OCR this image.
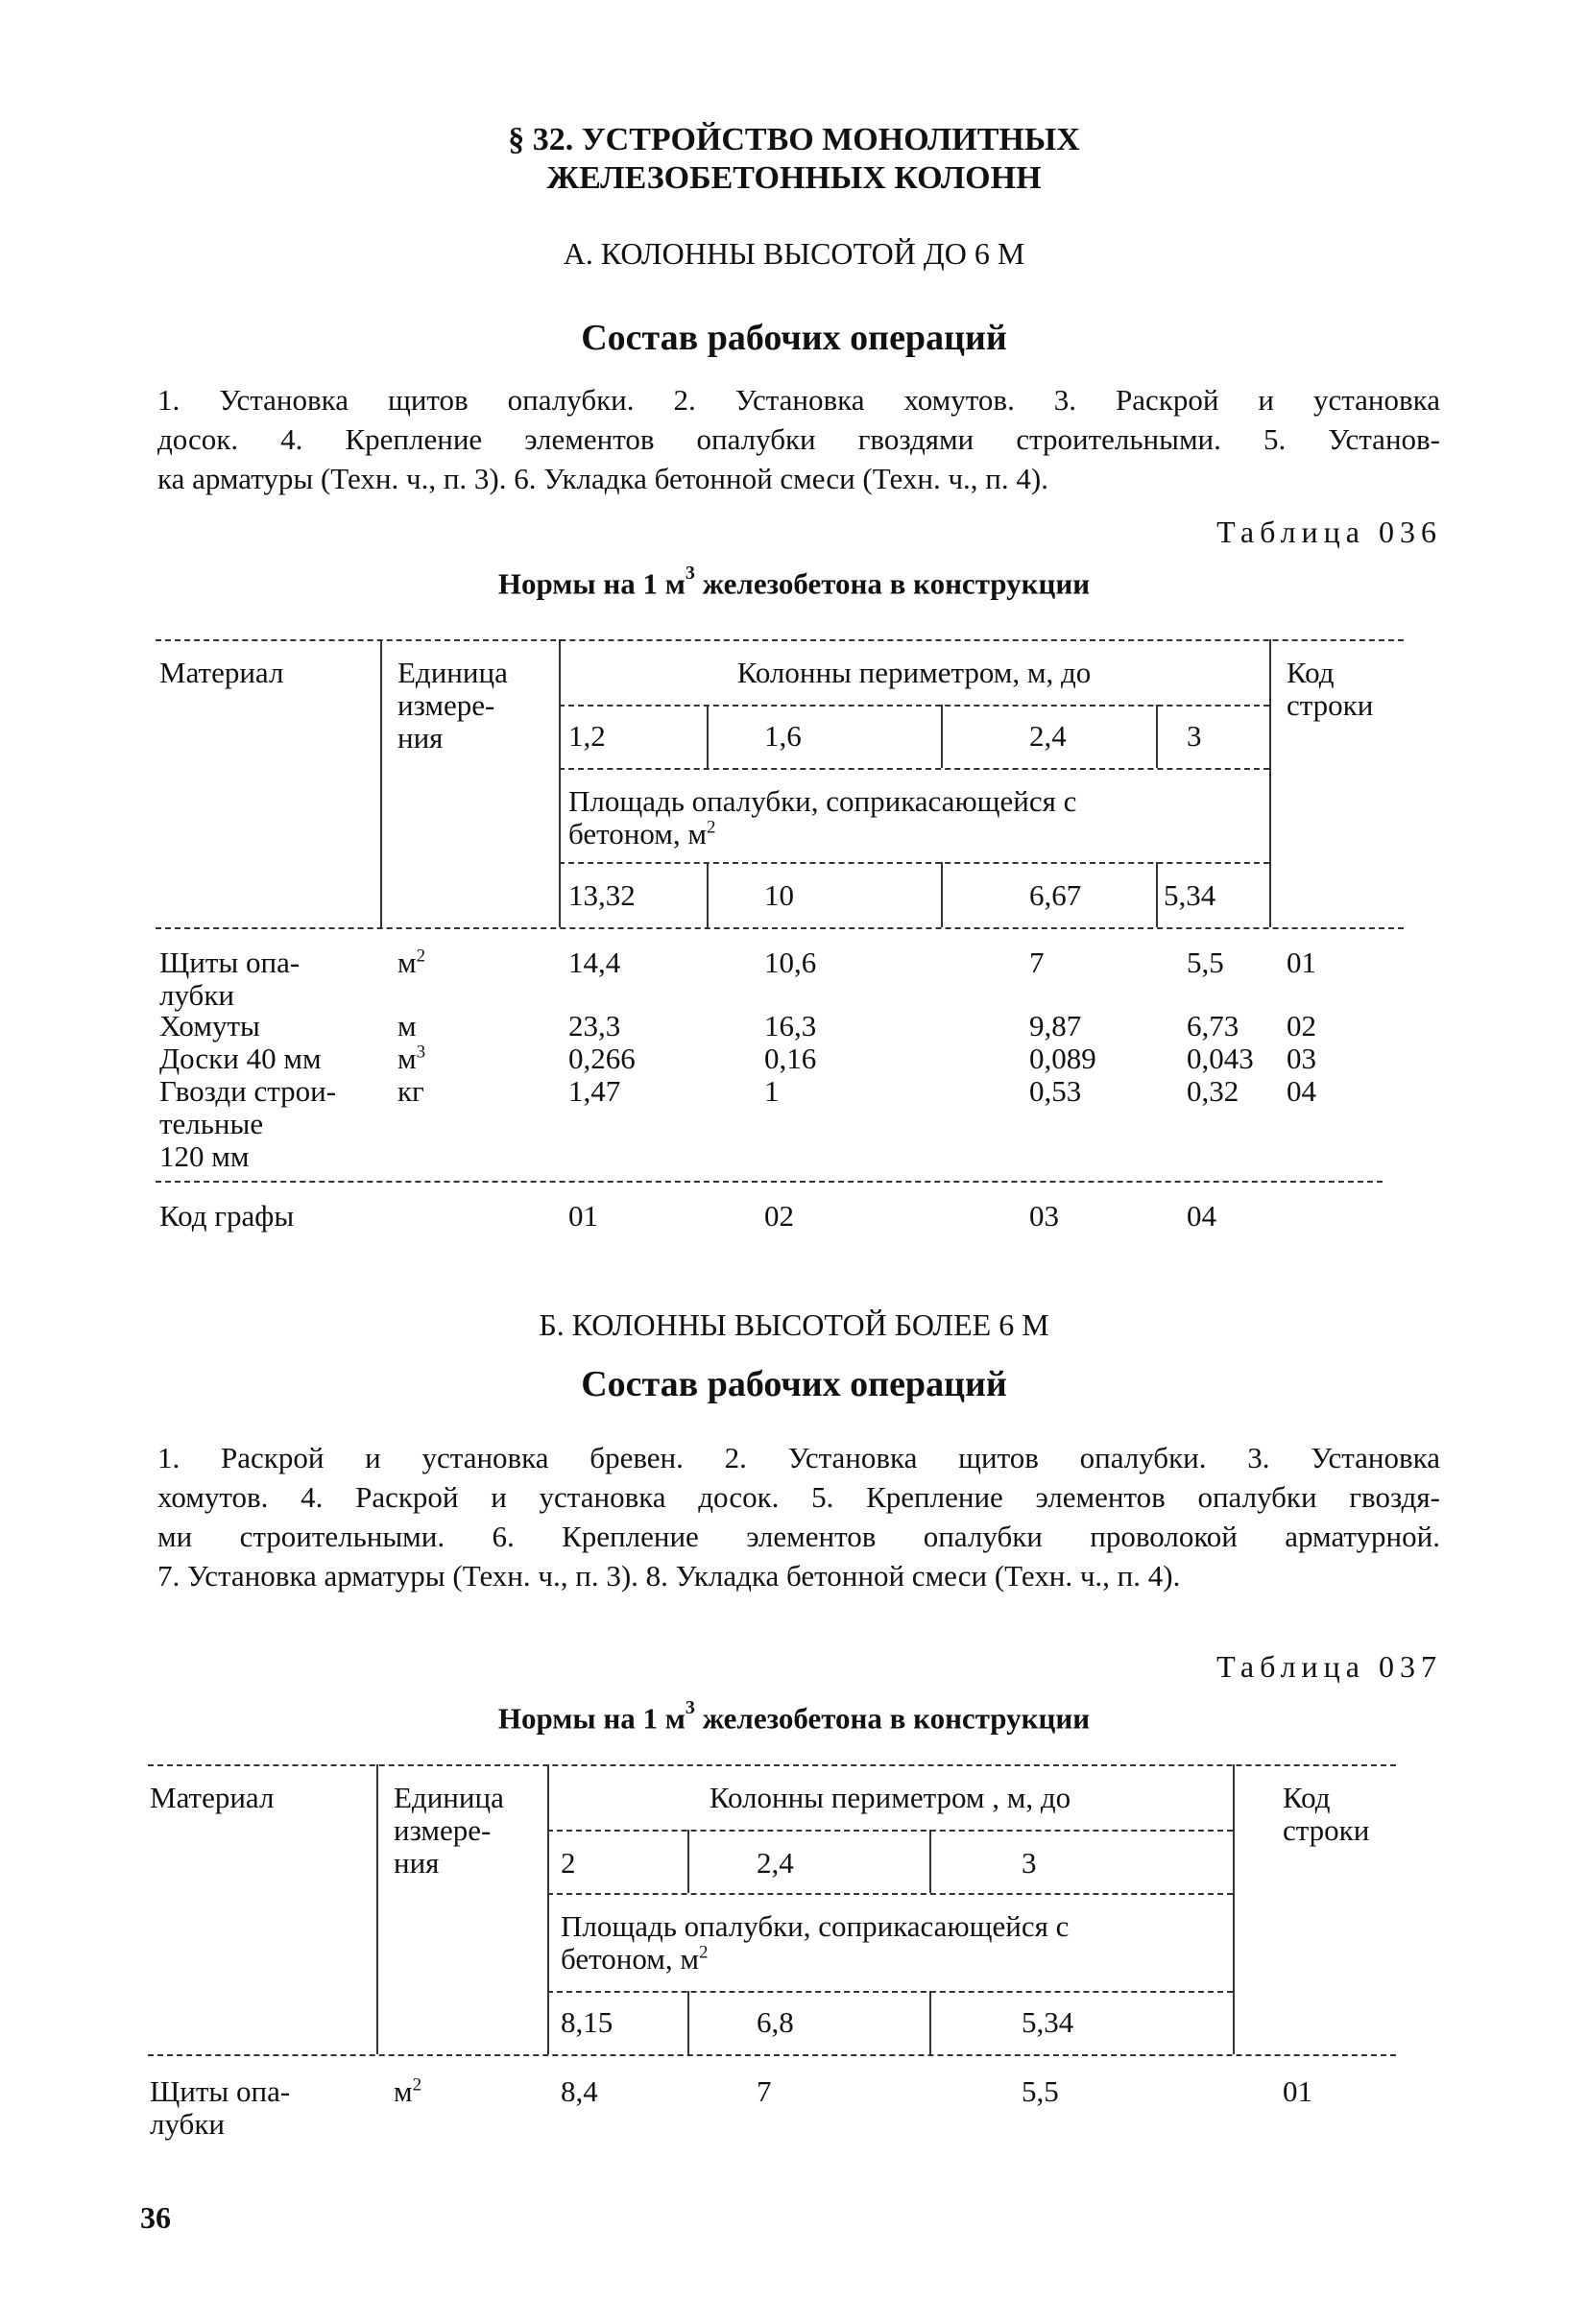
§ 32. УСТРОЙСТВО МОНОЛИТНЫХ
ЖЕЛЕЗОБЕТОННЫХ КОЛОНН
А. КОЛОННЫ ВЫСОТОЙ ДО 6 М
Состав рабочих операций
1. Установка щитов опалубки. 2. Установка хомутов. 3. Раскрой и установка
досок. 4. Крепление элементов опалубки гвоздями строительными. 5. Установ-
ка арматуры (Техн. ч., п. 3). 6. Укладка бетонной смеси (Техн. ч., п. 4).
Таблица 036
Нормы на 1 $м^3$ железобетона в конструкции
Материал	Единица
измере-
ния
Колонны периметром, м, до	Код
строки
1,2	1,6	2,4	3
Площадь опалубки, соприкасающейся с
бетоном, $м^2$
13,32	10	6,67	5,34
Щиты опа-
лубки
$м^2$	14,4	10,6	7	5,5 01
Хомуты	м	23,3	16,3	9,87	6,73 02
Доски 40 мм	$м^3$	0,266	0,16	0,089	0,043 03
Гвозди строи-
тельные
120 мм
кг	1,47	1	0,53	0,32 04
Код графы	01	02	03	04
Б. КОЛОННЫ ВЫСОТОЙ БОЛЕЕ 6 М
Состав рабочих операций
1. Раскрой и установка бревен. 2. Установка щитов опалубки. 3. Установка
хомутов. 4. Раскрой и установка досок. 5. Крепление элементов опалубки гвоздя-
ми строительными. 6. Крепление элементов опалубки проволокой арматурной.
7. Установка арматуры (Техн. ч., п. 3). 8. Укладка бетонной смеси (Техн. ч., п. 4).
Таблица 037
Нормы на 1 $м^3$ железобетона в конструкции
Материал	Единица
измере-
ния
Колонны периметром , м, до	Код
строки
2	2,4	3
Площадь опалубки, соприкасающейся с
бетоном, $м^2$
8,15	6,8	5,34
Щиты опа-
лубки
$м^2$	8,4	7	5,5	01
36
